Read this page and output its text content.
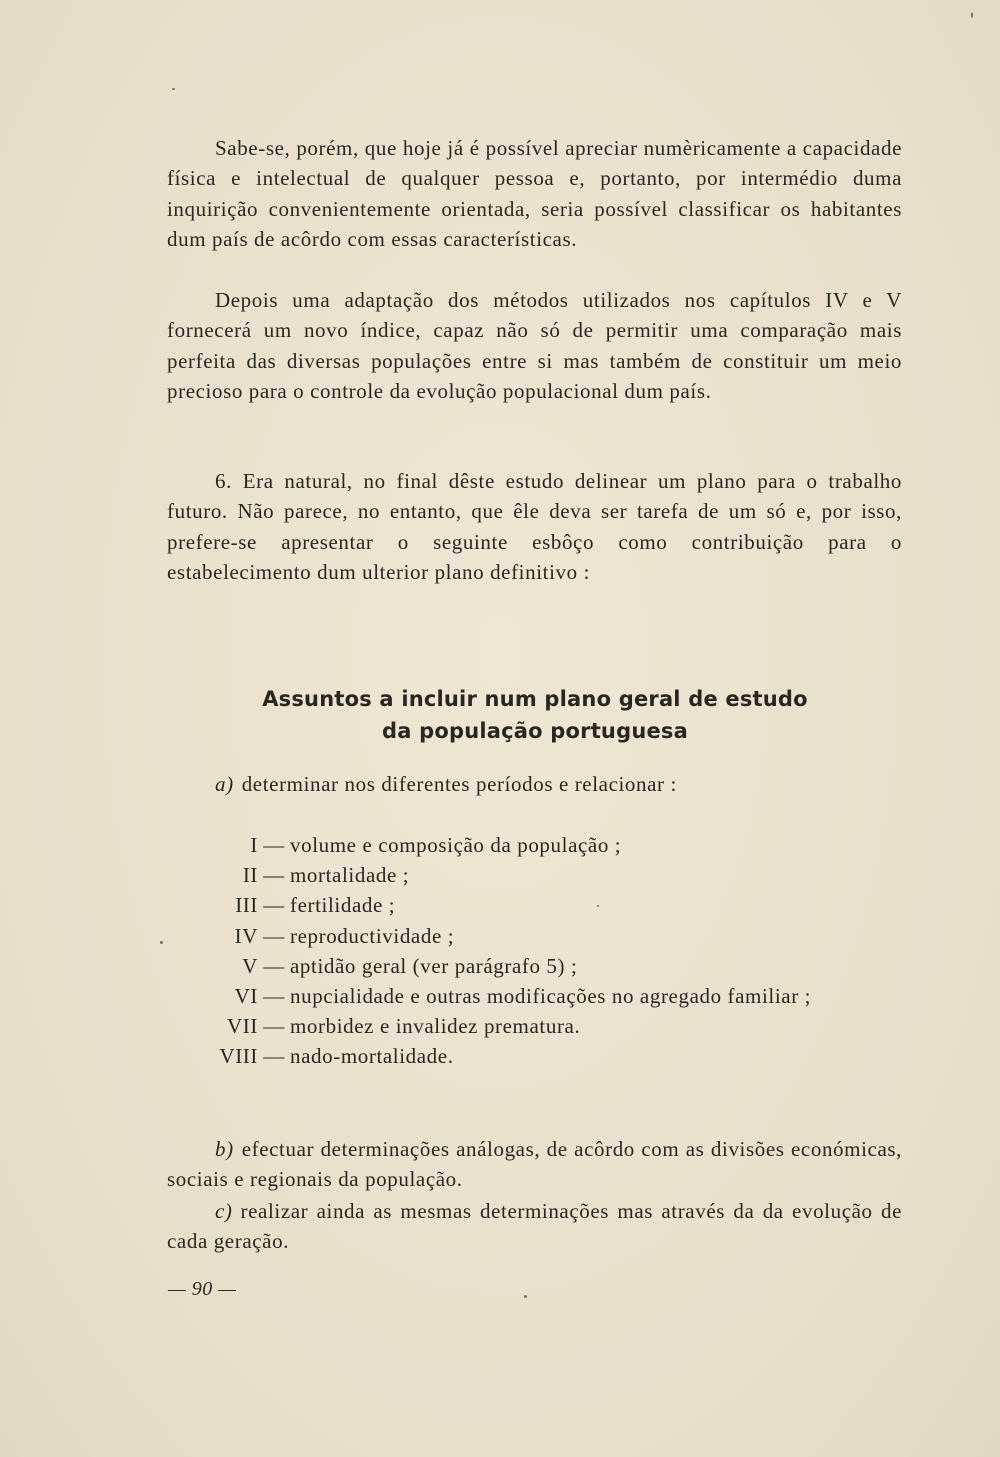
Sabe-se, porém, que hoje já é possível apreciar numèricamente a capacidade física e intelectual de qualquer pessoa e, portanto, por intermédio duma inquirição convenientemente orientada, seria possível classificar os habitantes dum país de acôrdo com essas características.

Depois uma adaptação dos métodos utilizados nos capítulos IV e V fornecerá um novo índice, capaz não só de permitir uma comparação mais perfeita das diversas populações entre si mas também de constituir um meio precioso para o controle da evolução populacional dum país.

6. Era natural, no final dêste estudo delinear um plano para o trabalho futuro. Não parece, no entanto, que êle deva ser tarefa de um só e, por isso, prefere-se apresentar o seguinte esbôço como contribuição para o estabelecimento dum ulterior plano definitivo :

Assuntos a incluir num plano geral de estudo
da população portuguesa
a) determinar nos diferentes períodos e relacionar :
I — volume e composição da população ;
II — mortalidade ;
III — fertilidade ;
IV — reproductividade ;
V — aptidão geral (ver parágrafo 5) ;
VI — nupcialidade e outras modificações no agregado familiar ;
VII — morbidez e invalidez prematura.
VIII — nado-mortalidade.

b) efectuar determinações análogas, de acôrdo com as divisões económicas, sociais e regionais da população.

c) realizar ainda as mesmas determinações mas através da da evolução de cada geração.

— 90 —
